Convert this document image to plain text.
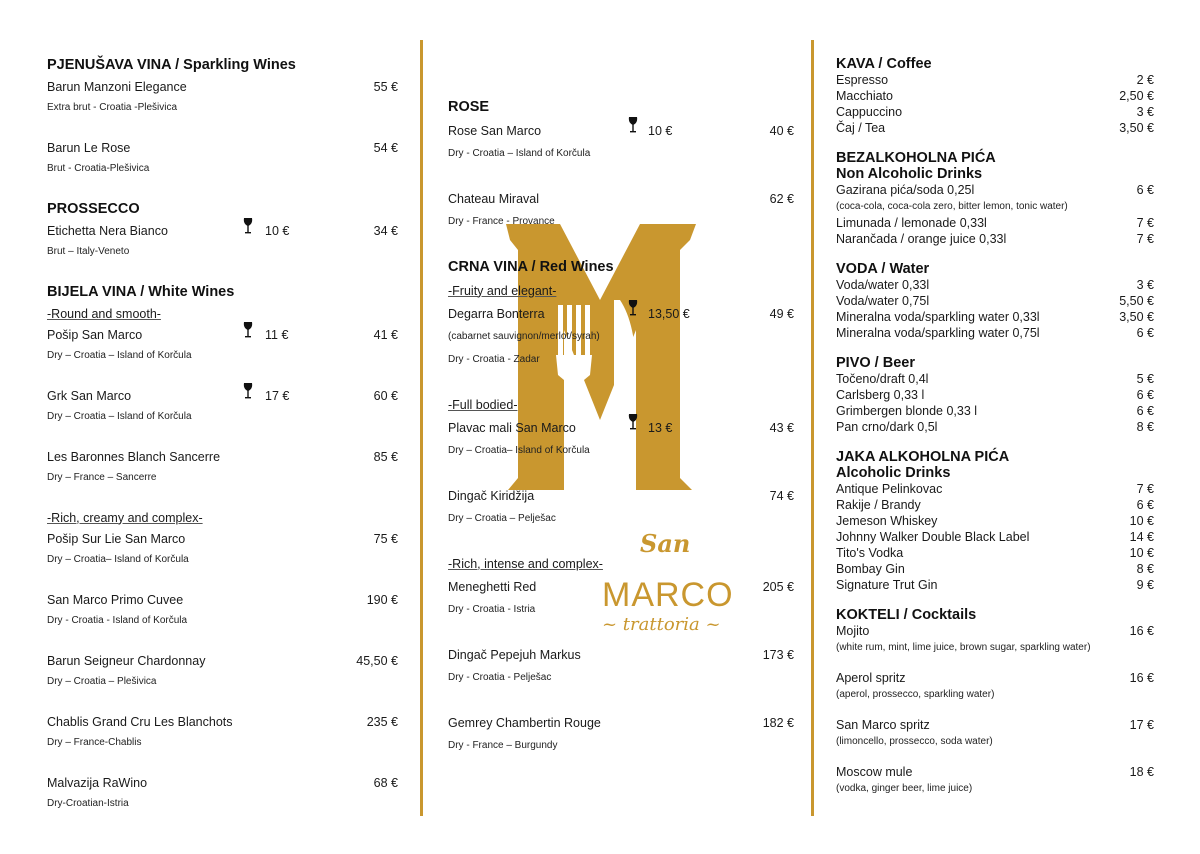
San
MARCO
~ trattoria ~
PJENUŠAVA VINA / Sparkling Wines
Barun Manzoni Elegance	55 €
Extra brut - Croatia -Plešivica
Barun Le Rose	54 €
Brut - Croatia-Plešivica
PROSSECCO
Etichetta Nera Bianco	10 €	34 €
Brut – Italy-Veneto
BIJELA VINA / White Wines
-Round and smooth-
Pošip San Marco	11 €	41 €
Dry – Croatia – Island of Korčula
Grk San Marco	17 €	60 €
Dry – Croatia – Island of Korčula
Les Baronnes Blanch Sancerre	85 €
Dry – France – Sancerre
-Rich, creamy and complex-
Pošip Sur Lie San Marco	75 €
Dry – Croatia– Island of Korčula
San Marco Primo Cuvee	190 €
Dry - Croatia - Island of Korčula
Barun Seigneur Chardonnay	45,50 €
Dry – Croatia – Plešivica
Chablis Grand Cru Les Blanchots	235 €
Dry – France-Chablis
Malvazija RaWino	68 €
Dry-Croatian-Istria
ROSE
Rose San Marco	10 €	40 €
Dry - Croatia – Island of Korčula
Chateau Miraval	62 €
Dry - France - Provance
CRNA VINA / Red Wines
-Fruity and elegant-
Degarra Bonterra	13,50 €	49 €
(cabarnet sauvignon/merlot/syrah)
Dry - Croatia - Zadar
-Full bodied-
Plavac mali San Marco	13 €	43 €
Dry – Croatia– Island of Korčula
Dingač Kiridžija	74 €
Dry – Croatia – Pelješac
-Rich, intense and complex-
Meneghetti Red	205 €
Dry - Croatia - Istria
Dingač Pepejuh Markus	173 €
Dry - Croatia - Pelješac
Gemrey Chambertin Rouge	182 €
Dry - France – Burgundy
KAVA / Coffee
Espresso	2 €
Macchiato	2,50 €
Cappuccino	3 €
Čaj / Tea	3,50 €
BEZALKOHOLNA PIĆA
Non Alcoholic Drinks
Gazirana pića/soda 0,25l	6 €
(coca-cola, coca-cola zero, bitter lemon, tonic water)
Limunada / lemonade 0,33l	7 €
Narančada / orange juice 0,33l	7 €
VODA / Water
Voda/water 0,33l	3 €
Voda/water 0,75l	5,50 €
Mineralna voda/sparkling water 0,33l	3,50 €
Mineralna voda/sparkling water 0,75l	6 €
PIVO / Beer
Točeno/draft 0,4l	5 €
Carlsberg 0,33 l	6 €
Grimbergen blonde 0,33 l	6 €
Pan crno/dark 0,5l	8 €
JAKA ALKOHOLNA PIĆA
Alcoholic Drinks
Antique Pelinkovac	7 €
Rakije / Brandy	6 €
Jemeson Whiskey	10 €
Johnny Walker Double Black Label	14 €
Tito's Vodka	10 €
Bombay Gin	8 €
Signature Trut Gin	9 €
KOKTELI / Cocktails
Mojito	16 €
(white rum, mint, lime juice, brown sugar, sparkling water)
Aperol spritz	16 €
(aperol, prossecco, sparkling water)
San Marco spritz	17 €
(limoncello, prossecco, soda water)
Moscow mule	18 €
(vodka, ginger beer, lime juice)
